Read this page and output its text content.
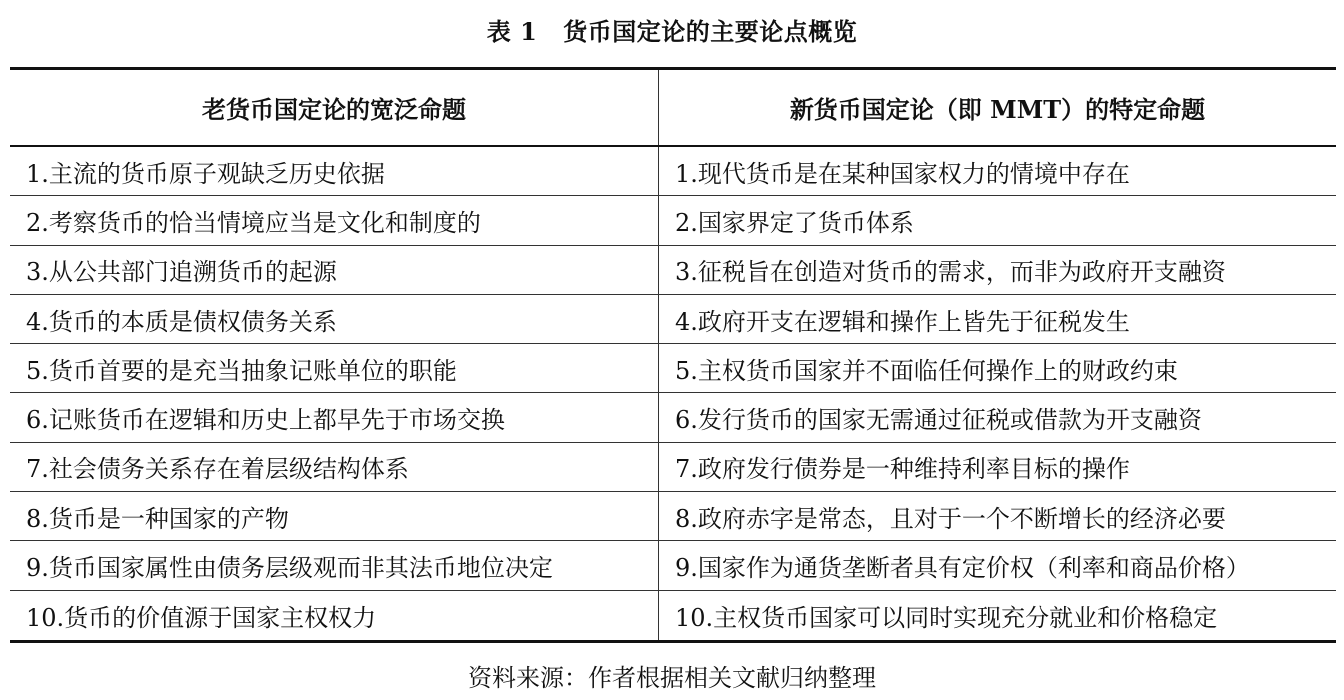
表 1 货币国定论的主要论点概览
老货币国定论的宽泛命题	新货币国定论（即 MMT）的特定命题
1.主流的货币原子观缺乏历史依据	1.现代货币是在某种国家权力的情境中存在
2.考察货币的恰当情境应当是文化和制度的	2.国家界定了货币体系
3.从公共部门追溯货币的起源	3.征税旨在创造对货币的需求，而非为政府开支融资
4.货币的本质是债权债务关系	4.政府开支在逻辑和操作上皆先于征税发生
5.货币首要的是充当抽象记账单位的职能	5.主权货币国家并不面临任何操作上的财政约束
6.记账货币在逻辑和历史上都早先于市场交换	6.发行货币的国家无需通过征税或借款为开支融资
7.社会债务关系存在着层级结构体系	7.政府发行债券是一种维持利率目标的操作
8.货币是一种国家的产物	8.政府赤字是常态，且对于一个不断增长的经济必要
9.货币国家属性由债务层级观而非其法币地位决定	9.国家作为通货垄断者具有定价权（利率和商品价格）
10.货币的价值源于国家主权权力	10.主权货币国家可以同时实现充分就业和价格稳定
资料来源：作者根据相关文献归纳整理
